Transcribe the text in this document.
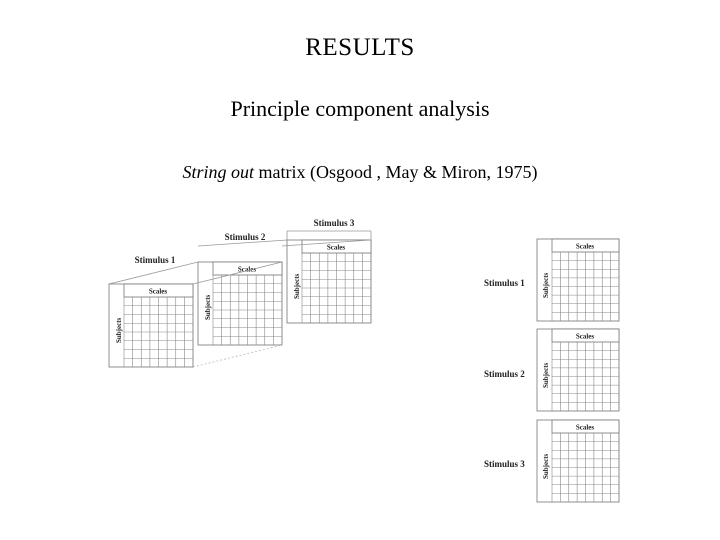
RESULTS
Principle component analysis
String out matrix (Osgood , May & Miron, 1975)
Stimulus 3
Scales
Subjects
Stimulus 2
Scales
Subjects
Stimulus 1
Scales
Subjects
Stimulus 1
Scales
Subjects
Stimulus 2
Scales
Subjects
Stimulus 3
Scales
Subjects
